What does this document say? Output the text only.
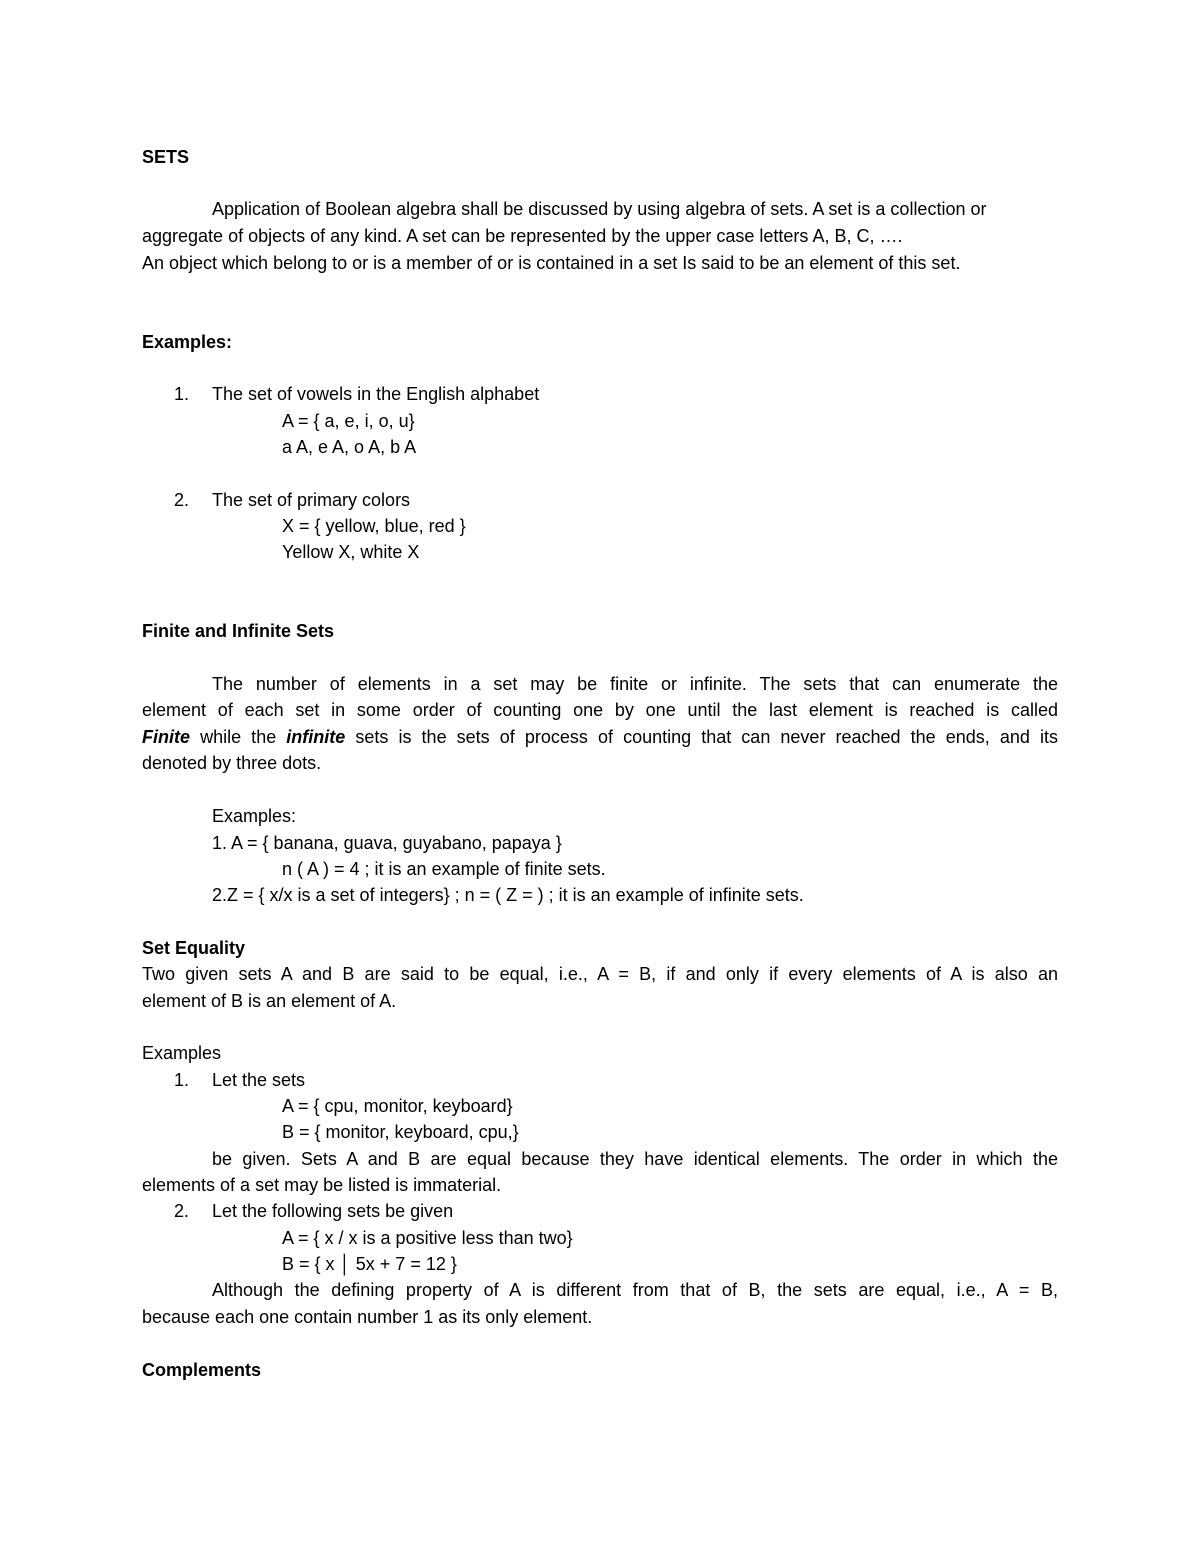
SETS
Application of Boolean algebra shall be discussed by using algebra of sets. A set is a collection or
aggregate of objects of any kind. A set can be represented by the upper case letters A, B, C, ….
An object which belong to or is a member of or is contained in a set Is said to be an element of this set.
Examples:
1. The set of vowels in the English alphabet
A = { a, e, i, o, u}
a A, e A, o A, b A
2. The set of primary colors
X = { yellow, blue, red }
Yellow X, white X
Finite and Infinite Sets
The number of elements in a set may be finite or infinite. The sets that can enumerate the
element of each set in some order of counting one by one until the last element is reached is called
Finite while the infinite sets is the sets of process of counting that can never reached the ends, and its
denoted by three dots.
Examples:
1. A = { banana, guava, guyabano, papaya }
n ( A ) = 4 ; it is an example of finite sets.
2.Z = { x/x is a set of integers} ; n = ( Z = ) ; it is an example of infinite sets.
Set Equality
Two given sets A and B are said to be equal, i.e., A = B, if and only if every elements of A is also an
element of B is an element of A.
Examples
1. Let the sets
A = { cpu, monitor, keyboard}
B = { monitor, keyboard, cpu,}
be given. Sets A and B are equal because they have identical elements. The order in which the
elements of a set may be listed is immaterial.
2. Let the following sets be given
A = { x / x is a positive less than two}
B = { x │ 5x + 7 = 12 }
Although the defining property of A is different from that of B, the sets are equal, i.e., A = B,
because each one contain number 1 as its only element.
Complements
